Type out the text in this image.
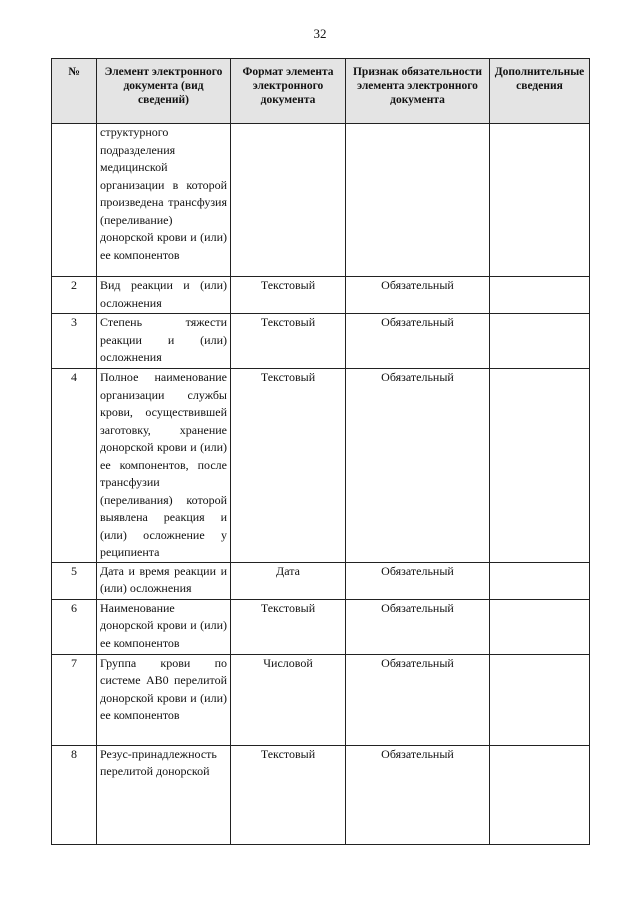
32
№	Элемент электронного документа (вид сведений)	Формат элемента электронного документа	Признак обязательности элемента электронного документа	Дополнительные сведения
	структурного подразделения медицинской организации в которой произведена трансфузия (переливание) донорской крови и (или) ее компонентов			
2	Вид реакции и (или) осложнения	Текстовый	Обязательный	
3	Степень тяжести реакции и (или) осложнения	Текстовый	Обязательный	
4	Полное наименование организации службы крови, осуществившей заготовку, хранение донорской крови и (или) ее компонентов, после трансфузии (переливания) которой выявлена реакция и (или) осложнение у реципиента	Текстовый	Обязательный	
5	Дата и время реакции и (или) осложнения	Дата	Обязательный	
6	Наименование донорской крови и (или) ее компонентов	Текстовый	Обязательный	
7	Группа крови по системе АВ0 перелитой донорской крови и (или) ее компонентов	Числовой	Обязательный	
8	Резус-принадлежность перелитой донорской	Текстовый	Обязательный	
